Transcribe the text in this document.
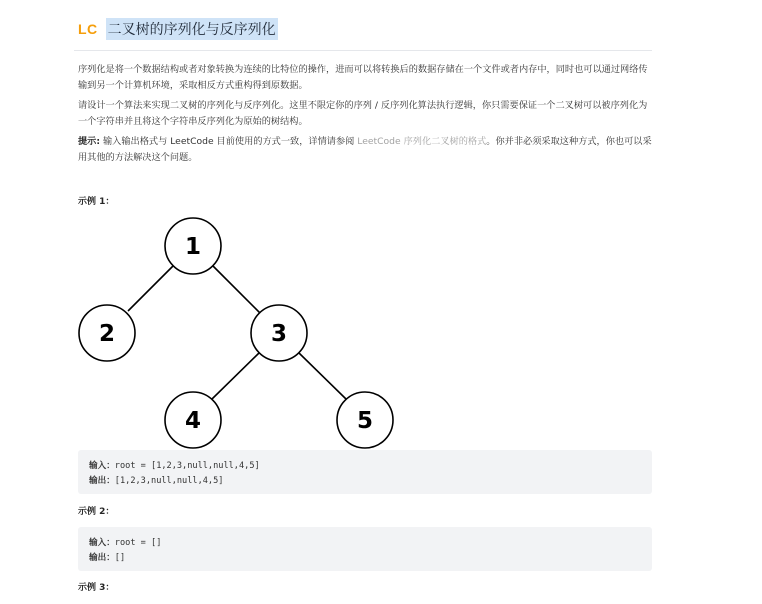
LC 二叉树的序列化与反序列化

序列化是将一个数据结构或者对象转换为连续的比特位的操作，进而可以将转换后的数据存储在一个文件或者内存中，同时也可以通过网络传输到另一个计算机环境，采取相反方式重构得到原数据。

请设计一个算法来实现二叉树的序列化与反序列化。这里不限定你的序列 / 反序列化算法执行逻辑，你只需要保证一个二叉树可以被序列化为一个字符串并且将这个字符串反序列化为原始的树结构。

提示: 输入输出格式与 LeetCode 目前使用的方式一致，详情请参阅 LeetCode 序列化二叉树的格式。你并非必须采取这种方式，你也可以采用其他的方法解决这个问题。

示例 1：
1
2	3
4	5
输入：root = [1,2,3,null,null,4,5]
输出：[1,2,3,null,null,4,5]
示例 2：
输入：root = []
输出：[]
示例 3：
